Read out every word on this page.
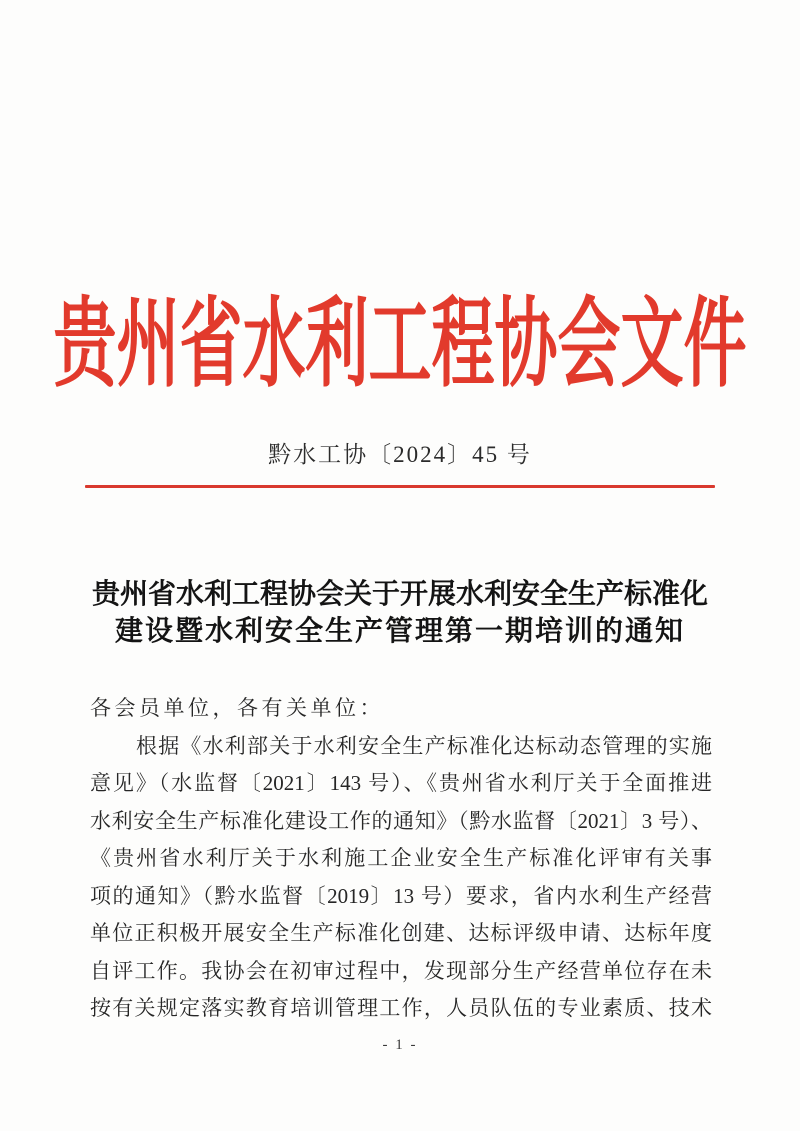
贵州省水利工程协会文件
黔水工协〔2024〕45 号
贵州省水利工程协会关于开展水利安全生产标准化
建设暨水利安全生产管理第一期培训的通知
各会员单位，各有关单位：
根据《水利部关于水利安全生产标准化达标动态管理的实施
意见》（水监督〔2021〕143 号）、《贵州省水利厅关于全面推进
水利安全生产标准化建设工作的通知》（黔水监督〔2021〕3 号）、
《贵州省水利厅关于水利施工企业安全生产标准化评审有关事
项的通知》（黔水监督〔2019〕13 号）要求，省内水利生产经营
单位正积极开展安全生产标准化创建、达标评级申请、达标年度
自评工作。我协会在初审过程中，发现部分生产经营单位存在未
按有关规定落实教育培训管理工作，人员队伍的专业素质、技术
- 1 -
